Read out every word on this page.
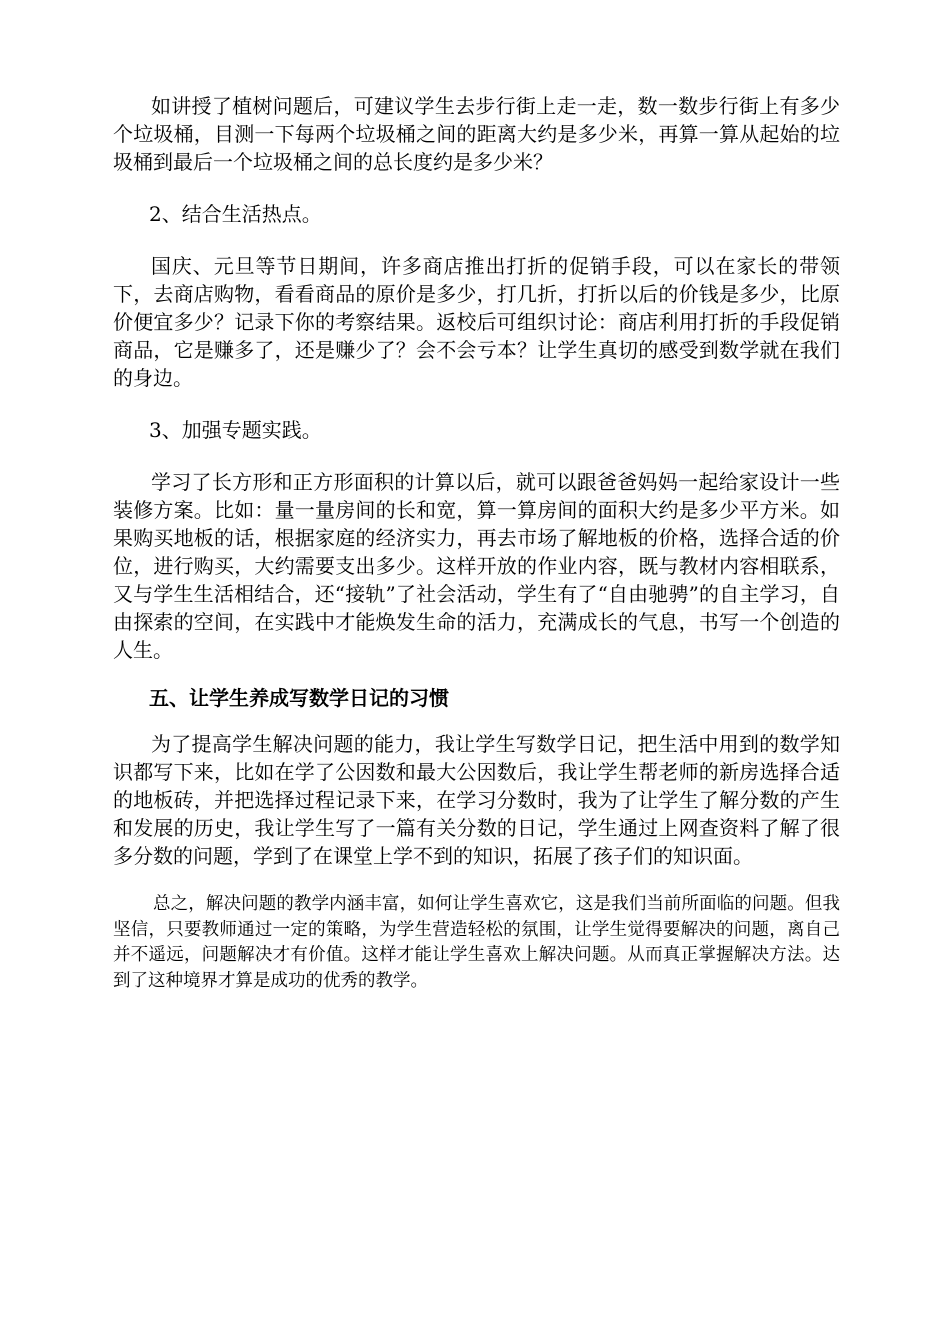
如讲授了植树问题后，可建议学生去步行街上走一走，数一数步行街上有多少个垃圾桶，目测一下每两个垃圾桶之间的距离大约是多少米，再算一算从起始的垃圾桶到最后一个垃圾桶之间的总长度约是多少米？

2、结合生活热点。

国庆、元旦等节日期间，许多商店推出打折的促销手段，可以在家长的带领下，去商店购物，看看商品的原价是多少，打几折，打折以后的价钱是多少，比原价便宜多少？记录下你的考察结果。返校后可组织讨论：商店利用打折的手段促销商品，它是赚多了，还是赚少了？会不会亏本？让学生真切的感受到数学就在我们的身边。

3、加强专题实践。

学习了长方形和正方形面积的计算以后，就可以跟爸爸妈妈一起给家设计一些装修方案。比如：量一量房间的长和宽，算一算房间的面积大约是多少平方米。如果购买地板的话，根据家庭的经济实力，再去市场了解地板的价格，选择合适的价位，进行购买，大约需要支出多少。这样开放的作业内容，既与教材内容相联系，又与学生生活相结合，还“接轨”了社会活动，学生有了“自由驰骋”的自主学习，自由探索的空间，在实践中才能焕发生命的活力，充满成长的气息，书写一个创造的人生。

五、让学生养成写数学日记的习惯

为了提高学生解决问题的能力，我让学生写数学日记，把生活中用到的数学知识都写下来，比如在学了公因数和最大公因数后，我让学生帮老师的新房选择合适的地板砖，并把选择过程记录下来，在学习分数时，我为了让学生了解分数的产生和发展的历史，我让学生写了一篇有关分数的日记，学生通过上网查资料了解了很多分数的问题，学到了在课堂上学不到的知识，拓展了孩子们的知识面。

总之，解决问题的教学内涵丰富，如何让学生喜欢它，这是我们当前所面临的问题。但我坚信，只要教师通过一定的策略，为学生营造轻松的氛围，让学生觉得要解决的问题，离自己并不遥远，问题解决才有价值。这样才能让学生喜欢上解决问题。从而真正掌握解决方法。达到了这种境界才算是成功的优秀的教学。
